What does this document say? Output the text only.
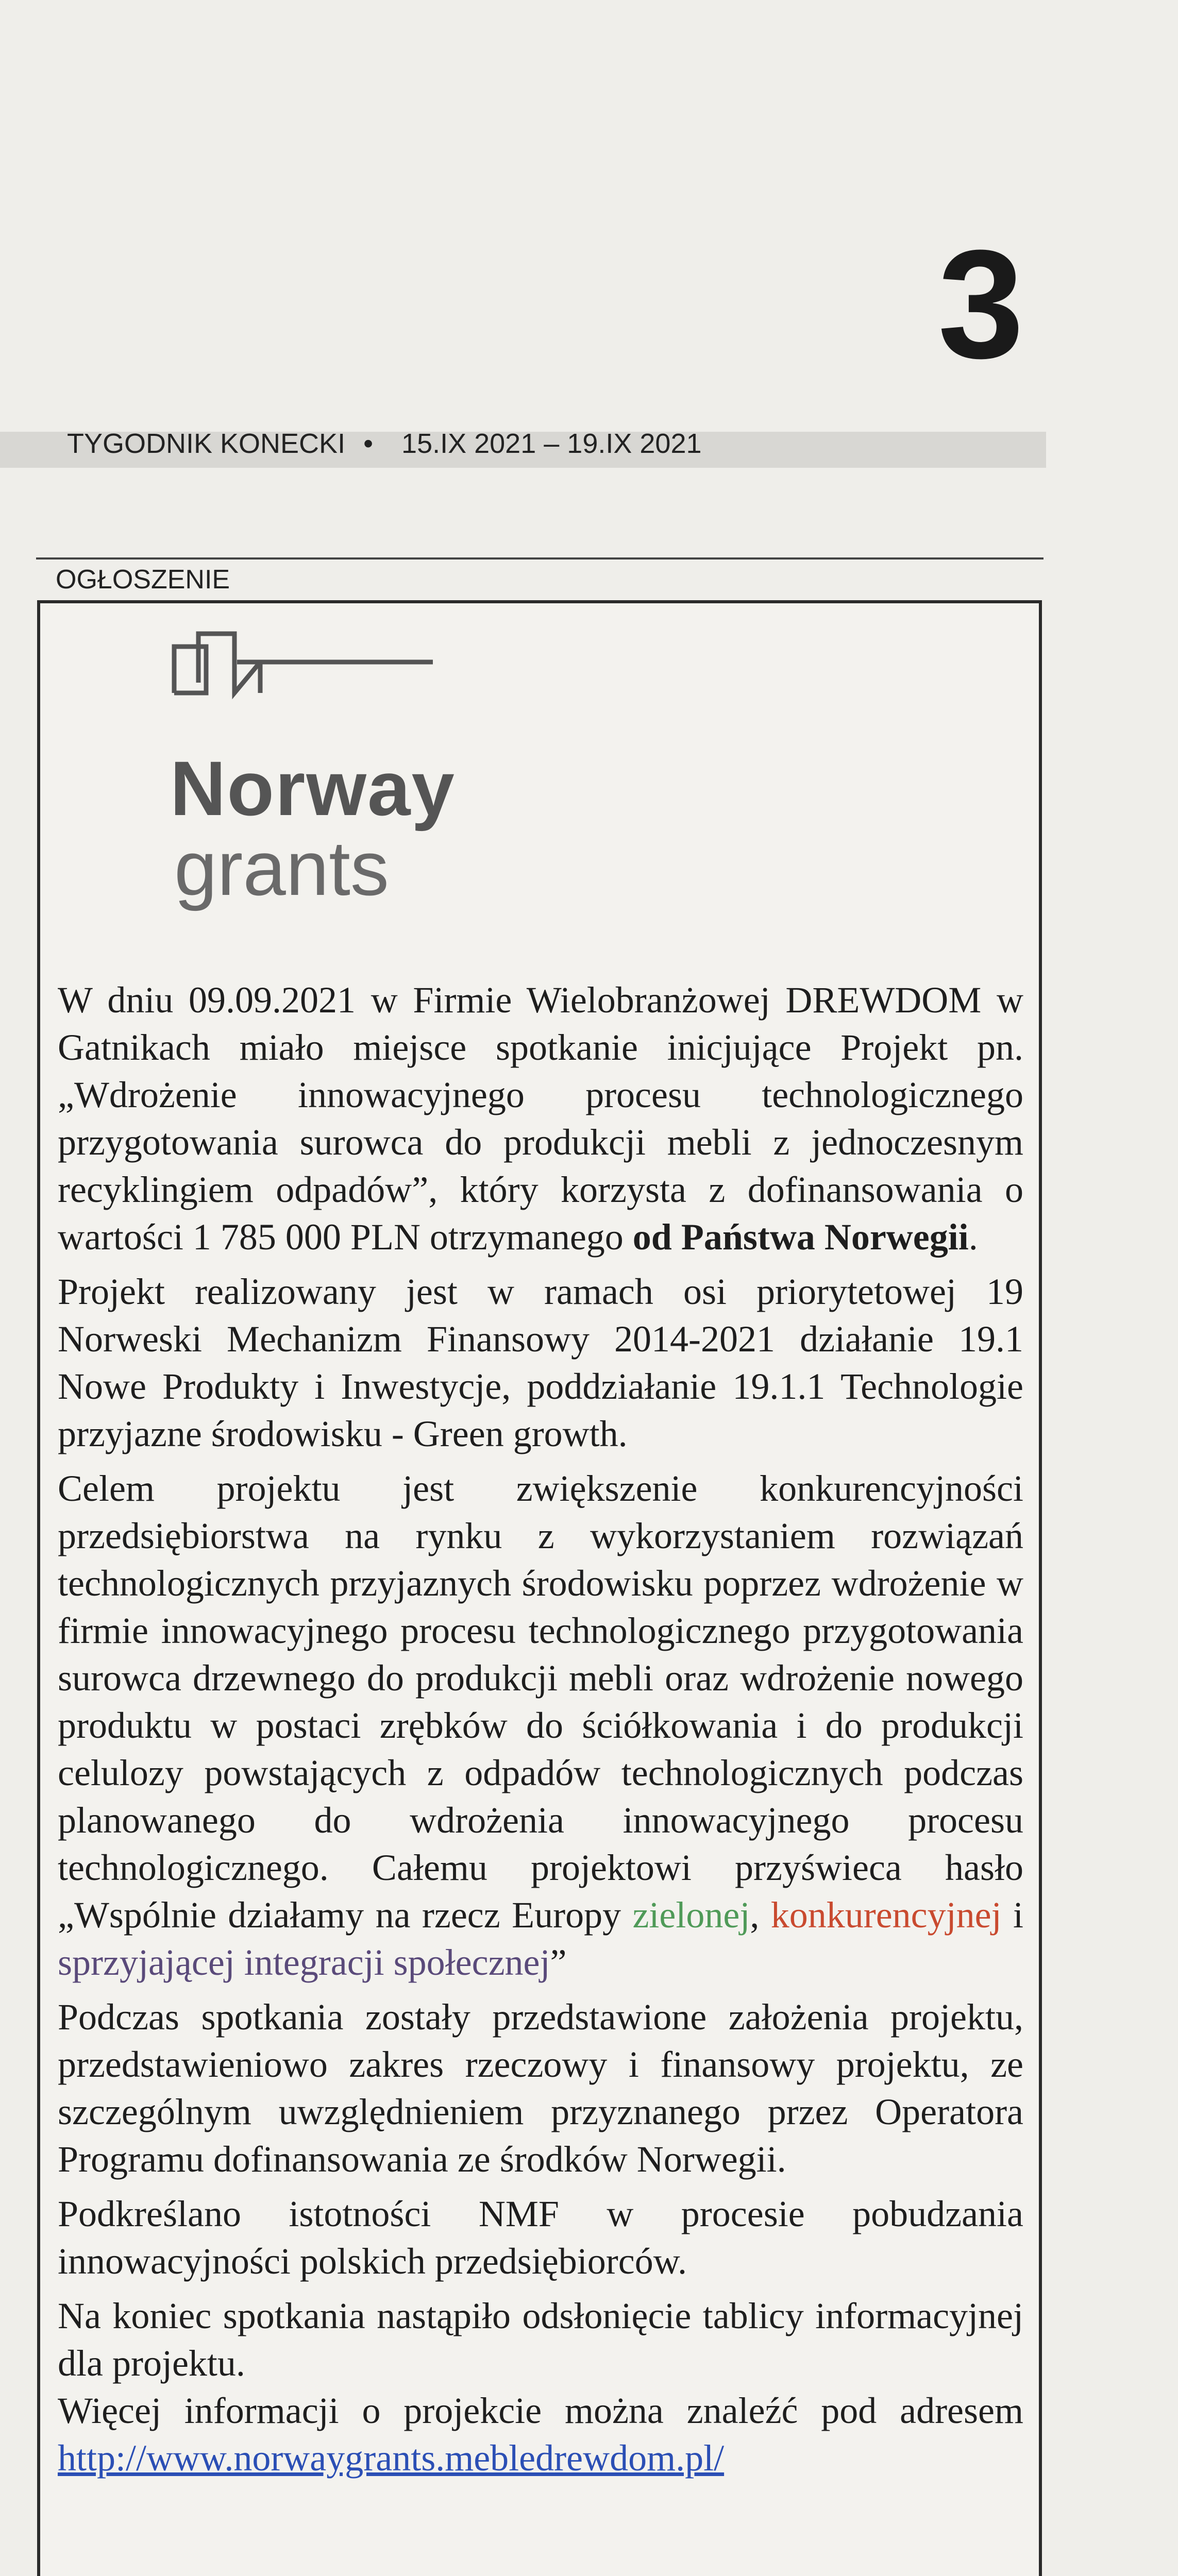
3
TYGODNIK KONECKI • 15.IX 2021 – 19.IX 2021
OGŁOSZENIE
Norway
grants

W dniu 09.09.2021 w Firmie Wielobranżowej DREWDOM w Gatnikach miało miejsce spotkanie inicjujące Projekt pn. „Wdrożenie innowacyjnego procesu technologicznego przygotowania surowca do produkcji mebli z jednoczesnym recyklingiem odpadów”, który korzysta z dofinansowania o wartości 1 785 000 PLN otrzymanego od Państwa Norwegii.

Projekt realizowany jest w ramach osi priorytetowej 19 Norweski Mechanizm Finansowy 2014-2021 działanie 19.1 Nowe Produkty i Inwestycje, poddziałanie 19.1.1 Technologie przyjazne środowisku - Green growth.

Celem projektu jest zwiększenie konkurencyjności przedsiębiorstwa na rynku z wykorzystaniem rozwiązań technologicznych przyjaznych środowisku poprzez wdrożenie w firmie innowacyjnego procesu technologicznego przygotowania surowca drzewnego do produkcji mebli oraz wdrożenie nowego produktu w postaci zrębków do ściółkowania i do produkcji celulozy powstających z odpadów technologicznych podczas planowanego do wdrożenia innowacyjnego procesu technologicznego. Całemu projektowi przyświeca hasło „Wspólnie działamy na rzecz Europy zielonej, konkurencyjnej i sprzyjającej integracji społecznej”

Podczas spotkania zostały przedstawione założenia projektu, przedstawieniowo zakres rzeczowy i finansowy projektu, ze szczególnym uwzględnieniem przyznanego przez Operatora Programu dofinansowania ze środków Norwegii.

Podkreślano istotności NMF w procesie pobudzania innowacyjności polskich przedsiębiorców.

Na koniec spotkania nastąpiło odsłonięcie tablicy informacyjnej dla projektu.

Więcej informacji o projekcie można znaleźć pod adresem http://www.norwaygrants.mebledrewdom.pl/
